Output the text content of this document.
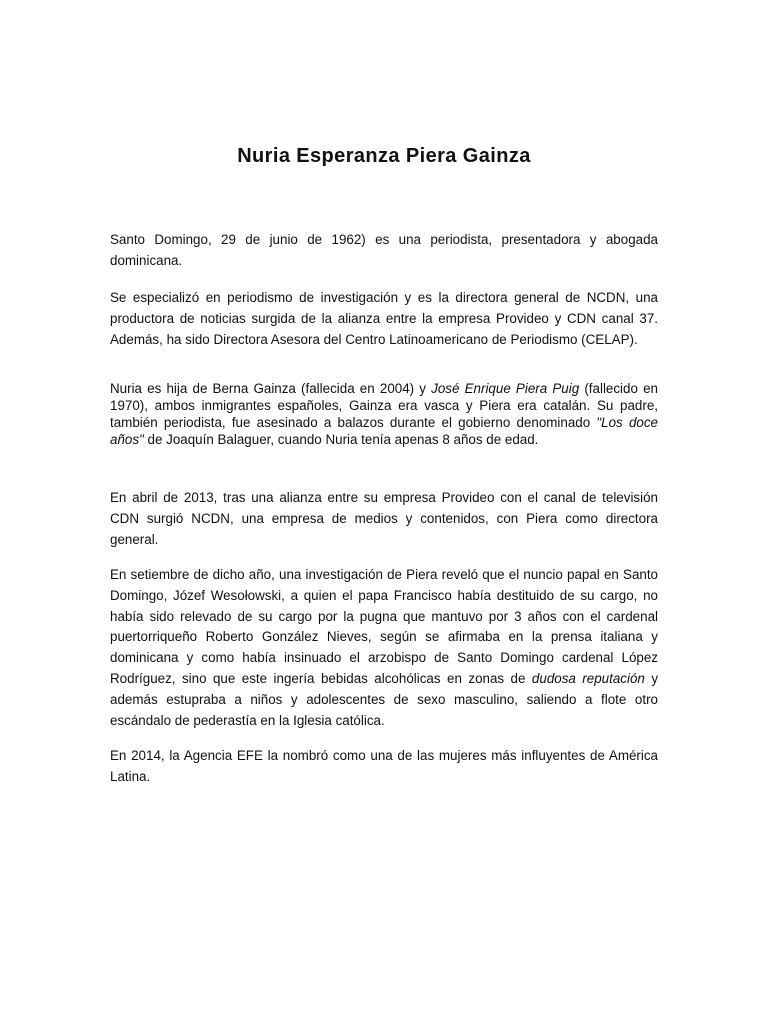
Nuria Esperanza Piera Gainza

Santo Domingo, 29 de junio de 1962) es una periodista, presentadora y abogada dominicana.

Se especializó en periodismo de investigación y es la directora general de NCDN, una productora de noticias surgida de la alianza entre la empresa Provideo y CDN canal 37. Además, ha sido Directora Asesora del Centro Latinoamericano de Periodismo (CELAP).

Nuria es hija de Berna Gainza (fallecida en 2004) y José Enrique Piera Puig (fallecido en 1970), ambos inmigrantes españoles, Gainza era vasca y Piera era catalán. Su padre, también periodista, fue asesinado a balazos durante el gobierno denominado "Los doce años" de Joaquín Balaguer, cuando Nuria tenía apenas 8 años de edad.

En abril de 2013, tras una alianza entre su empresa Provideo con el canal de televisión CDN surgió NCDN, una empresa de medios y contenidos, con Piera como directora general.

En setiembre de dicho año, una investigación de Piera reveló que el nuncio papal en Santo Domingo, Józef Wesołowski, a quien el papa Francisco había destituido de su cargo, no había sido relevado de su cargo por la pugna que mantuvo por 3 años con el cardenal puertorriqueño Roberto González Nieves, según se afirmaba en la prensa italiana y dominicana y como había insinuado el arzobispo de Santo Domingo cardenal López Rodríguez, sino que este ingería bebidas alcohólicas en zonas de dudosa reputación y además estupraba a niños y adolescentes de sexo masculino, saliendo a flote otro escándalo de pederastía en la Iglesia católica.

En 2014, la Agencia EFE la nombró como una de las mujeres más influyentes de América Latina.
